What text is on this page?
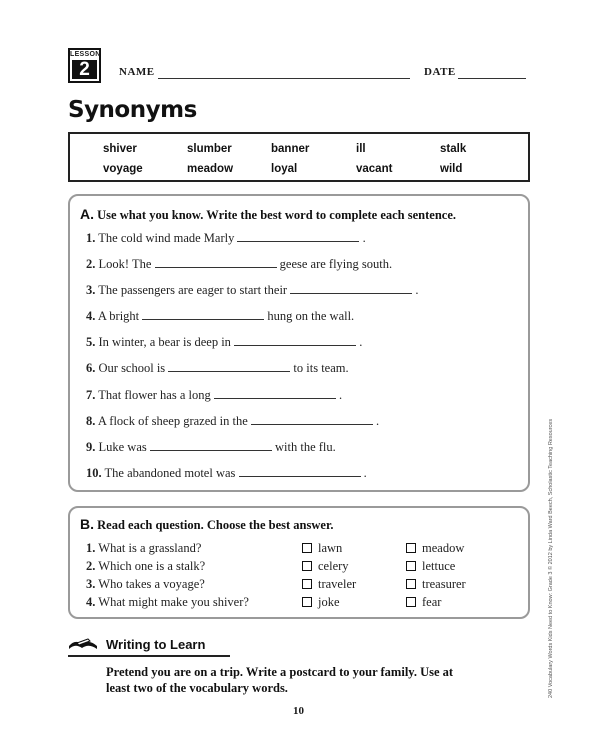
LESSON
2	NAME	DATE
Synonyms
shiver	slumber	banner	ill	stalk
voyage	meadow	loyal	vacant	wild
A. Use what you know. Write the best word to complete each sentence.
1. The cold wind made Marly	.
2. Look! The	geese are flying south.
3. The passengers are eager to start their	.
4. A bright	hung on the wall.
5. In winter, a bear is deep in	.
6. Our school is	to its team.
7. That flower has a long	.
8. A flock of sheep grazed in the	.
9. Luke was	with the flu.
10. The abandoned motel was	.
B. Read each question. Choose the best answer.
1. What is a grassland?	lawn	meadow
2. Which one is a stalk?	celery	lettuce
3. Who takes a voyage?	traveler	treasurer
4. What might make you shiver?	joke	fear
Writing to Learn
Pretend you are on a trip. Write a postcard to your family. Use at
least two of the vocabulary words.
10
240 Vocabulary Words Kids Need to Know: Grade 3 © 2012 by Linda Ward Beech, Scholastic Teaching Resources
